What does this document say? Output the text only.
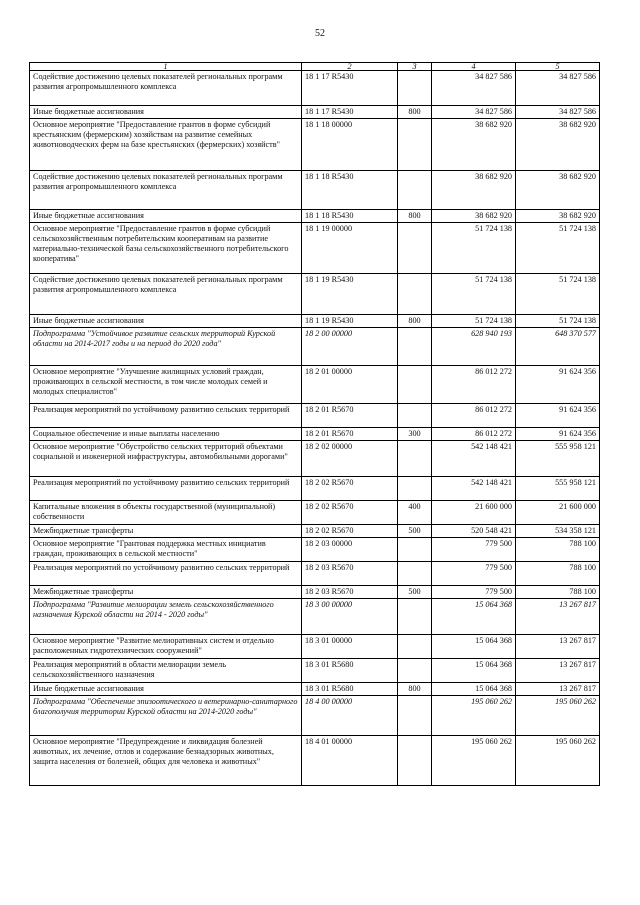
52
1	2	3	4	5
Содействие достижению целевых показателей региональных программ развития агропромышленного комплекса	18 1 17 R5430		34 827 586	34 827 586
Иные бюджетные ассигнования	18 1 17 R5430	800	34 827 586	34 827 586
Основное мероприятие "Предоставление грантов в форме субсидий крестьянским (фермерским) хозяйствам на развитие семейных животноводческих ферм на базе крестьянских (фермерских) хозяйств"	18 1 18 00000		38 682 920	38 682 920
Содействие достижению целевых показателей региональных программ развития агропромышленного комплекса	18 1 18 R5430		38 682 920	38 682 920
Иные бюджетные ассигнования	18 1 18 R5430	800	38 682 920	38 682 920
Основное мероприятие "Предоставление грантов в форме субсидий сельскохозяйственным потребительским кооперативам на развитие материально-технической базы сельскохозяйственного потребительского кооператива"	18 1 19 00000		51 724 138	51 724 138
Содействие достижению целевых показателей региональных программ развития агропромышленного комплекса	18 1 19 R5430		51 724 138	51 724 138
Иные бюджетные ассигнования	18 1 19 R5430	800	51 724 138	51 724 138
Подпрограмма "Устойчивое развитие сельских территорий Курской области на 2014-2017 годы и на период до 2020 года"	18 2 00 00000		628 940 193	648 370 577
Основное мероприятие "Улучшение жилищных условий граждан, проживающих в сельской местности, в том числе молодых семей и молодых специалистов"	18 2 01 00000		86 012 272	91 624 356
Реализация мероприятий по устойчивому развитию сельских территорий	18 2 01 R5670		86 012 272	91 624 356
Социальное обеспечение и иные выплаты населению	18 2 01 R5670	300	86 012 272	91 624 356
Основное мероприятие "Обустройство сельских территорий объектами социальной и инженерной инфраструктуры, автомобильными дорогами"	18 2 02 00000		542 148 421	555 958 121
Реализация мероприятий по устойчивому развитию сельских территорий	18 2 02 R5670		542 148 421	555 958 121
Капитальные вложения в объекты государственной (муниципальной) собственности	18 2 02 R5670	400	21 600 000	21 600 000
Межбюджетные трансферты	18 2 02 R5670	500	520 548 421	534 358 121
Основное мероприятие "Грантовая поддержка местных инициатив граждан, проживающих в сельской местности"	18 2 03 00000		779 500	788 100
Реализация мероприятий по устойчивому развитию сельских территорий	18 2 03 R5670		779 500	788 100
Межбюджетные трансферты	18 2 03 R5670	500	779 500	788 100
Подпрограмма "Развитие мелиорации земель сельскохозяйственного назначения Курской области на 2014 - 2020 годы"	18 3 00 00000		15 064 368	13 267 817
Основное мероприятие "Развитие мелиоративных систем и отдельно расположенных гидротехнических сооружений"	18 3 01 00000		15 064 368	13 267 817
Реализация мероприятий в области мелиорации земель сельскохозяйственного назначения	18 3 01 R5680		15 064 368	13 267 817
Иные бюджетные ассигнования	18 3 01 R5680	800	15 064 368	13 267 817
Подпрограмма "Обеспечение эпизоотического и ветеринарно-санитарного благополучия территории Курской области на 2014-2020 годы"	18 4 00 00000		195 060 262	195 060 262
Основное мероприятие "Предупреждение и ликвидация болезней животных, их лечение, отлов и содержание безнадзорных животных, защита населения от болезней, общих для человека и животных"	18 4 01 00000		195 060 262	195 060 262
